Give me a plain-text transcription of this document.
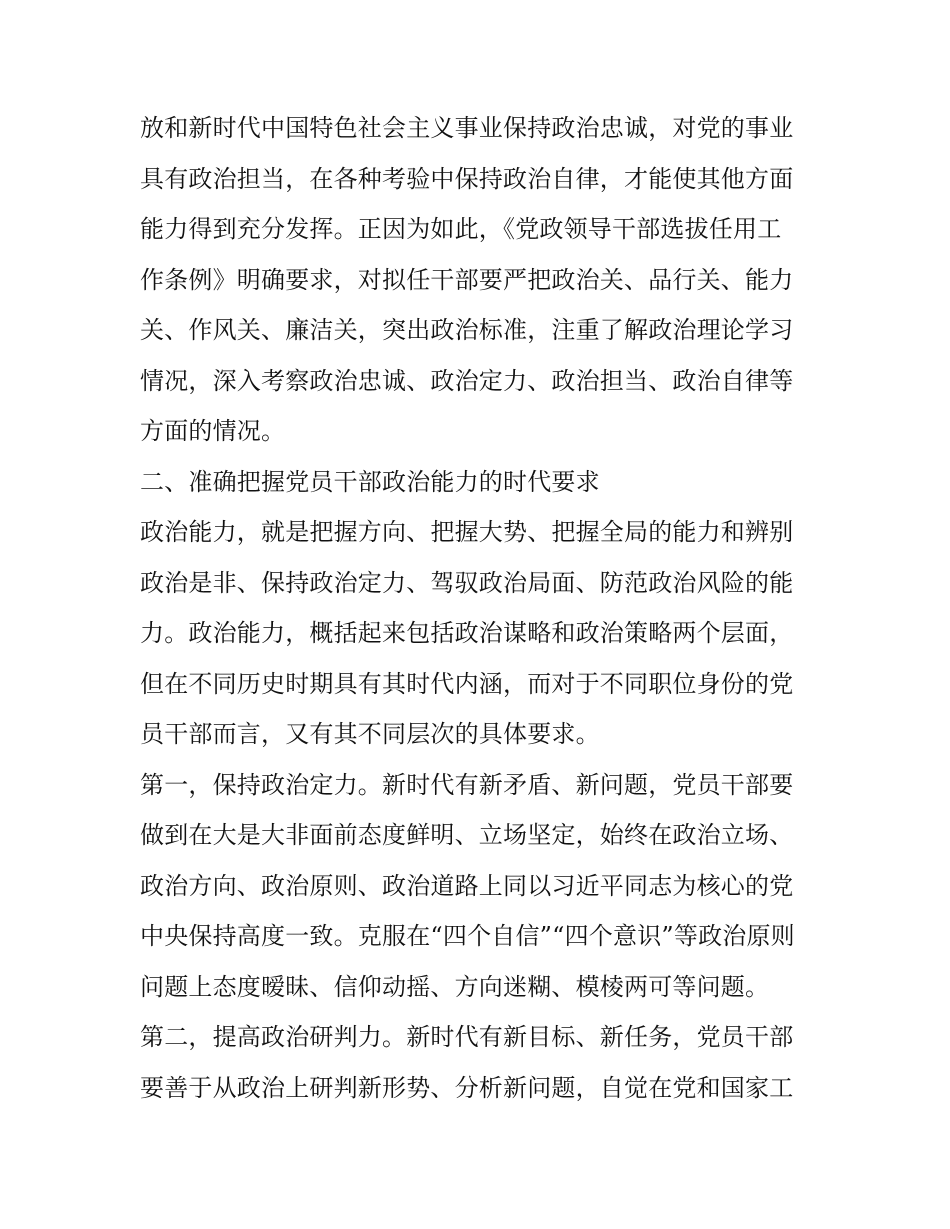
放和新时代中国特色社会主义事业保持政治忠诚，对党的事业
具有政治担当，在各种考验中保持政治自律，才能使其他方面
能力得到充分发挥。正因为如此，《党政领导干部选拔任用工
作条例》明确要求，对拟任干部要严把政治关、品行关、能力
关、作风关、廉洁关，突出政治标准，注重了解政治理论学习
情况，深入考察政治忠诚、政治定力、政治担当、政治自律等
方面的情况。
二、准确把握党员干部政治能力的时代要求
政治能力，就是把握方向、把握大势、把握全局的能力和辨别
政治是非、保持政治定力、驾驭政治局面、防范政治风险的能
力。政治能力，概括起来包括政治谋略和政治策略两个层面，
但在不同历史时期具有其时代内涵，而对于不同职位身份的党
员干部而言，又有其不同层次的具体要求。
第一，保持政治定力。新时代有新矛盾、新问题，党员干部要
做到在大是大非面前态度鲜明、立场坚定，始终在政治立场、
政治方向、政治原则、政治道路上同以习近平同志为核心的党
中央保持高度一致。克服在“四个自信”“四个意识”等政治原则
问题上态度暧昧、信仰动摇、方向迷糊、模棱两可等问题。
第二，提高政治研判力。新时代有新目标、新任务，党员干部
要善于从政治上研判新形势、分析新问题，自觉在党和国家工
